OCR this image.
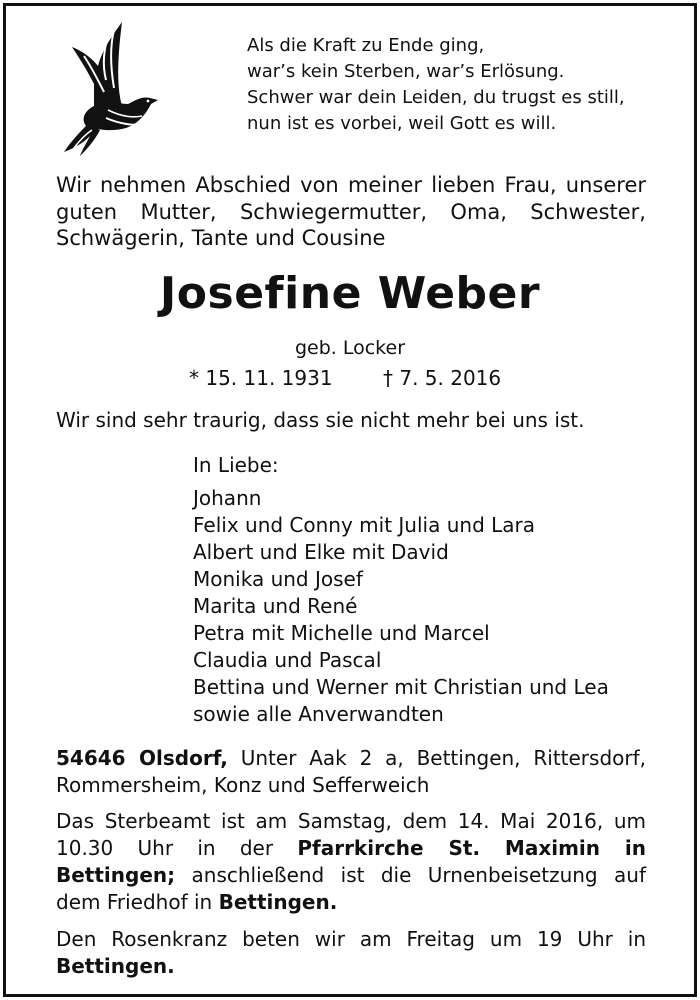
Als die Kraft zu Ende ging,
war’s kein Sterben, war’s Erlösung.
Schwer war dein Leiden, du trugst es still,
nun ist es vorbei, weil Gott es will.
Wir nehmen Abschied von meiner lieben Frau, unserer guten Mutter, Schwiegermutter, Oma, Schwester, Schwägerin, Tante und Cousine
Josefine Weber
geb. Locker
* 15. 11. 1931	† 7. 5. 2016
Wir sind sehr traurig, dass sie nicht mehr bei uns ist.
In Liebe:
Johann
Felix und Conny mit Julia und Lara
Albert und Elke mit David
Monika und Josef
Marita und René
Petra mit Michelle und Marcel
Claudia und Pascal
Bettina und Werner mit Christian und Lea
sowie alle Anverwandten
54646 Olsdorf, Unter Aak 2 a, Bettingen, Rittersdorf, Rommersheim, Konz und Sefferweich
Das Sterbeamt ist am Samstag, dem 14. Mai 2016, um 10.30 Uhr in der Pfarrkirche St. Maximin in Bettingen; anschließend ist die Urnenbeisetzung auf dem Friedhof in Bettingen.
Den Rosenkranz beten wir am Freitag um 19 Uhr in Bettingen.
